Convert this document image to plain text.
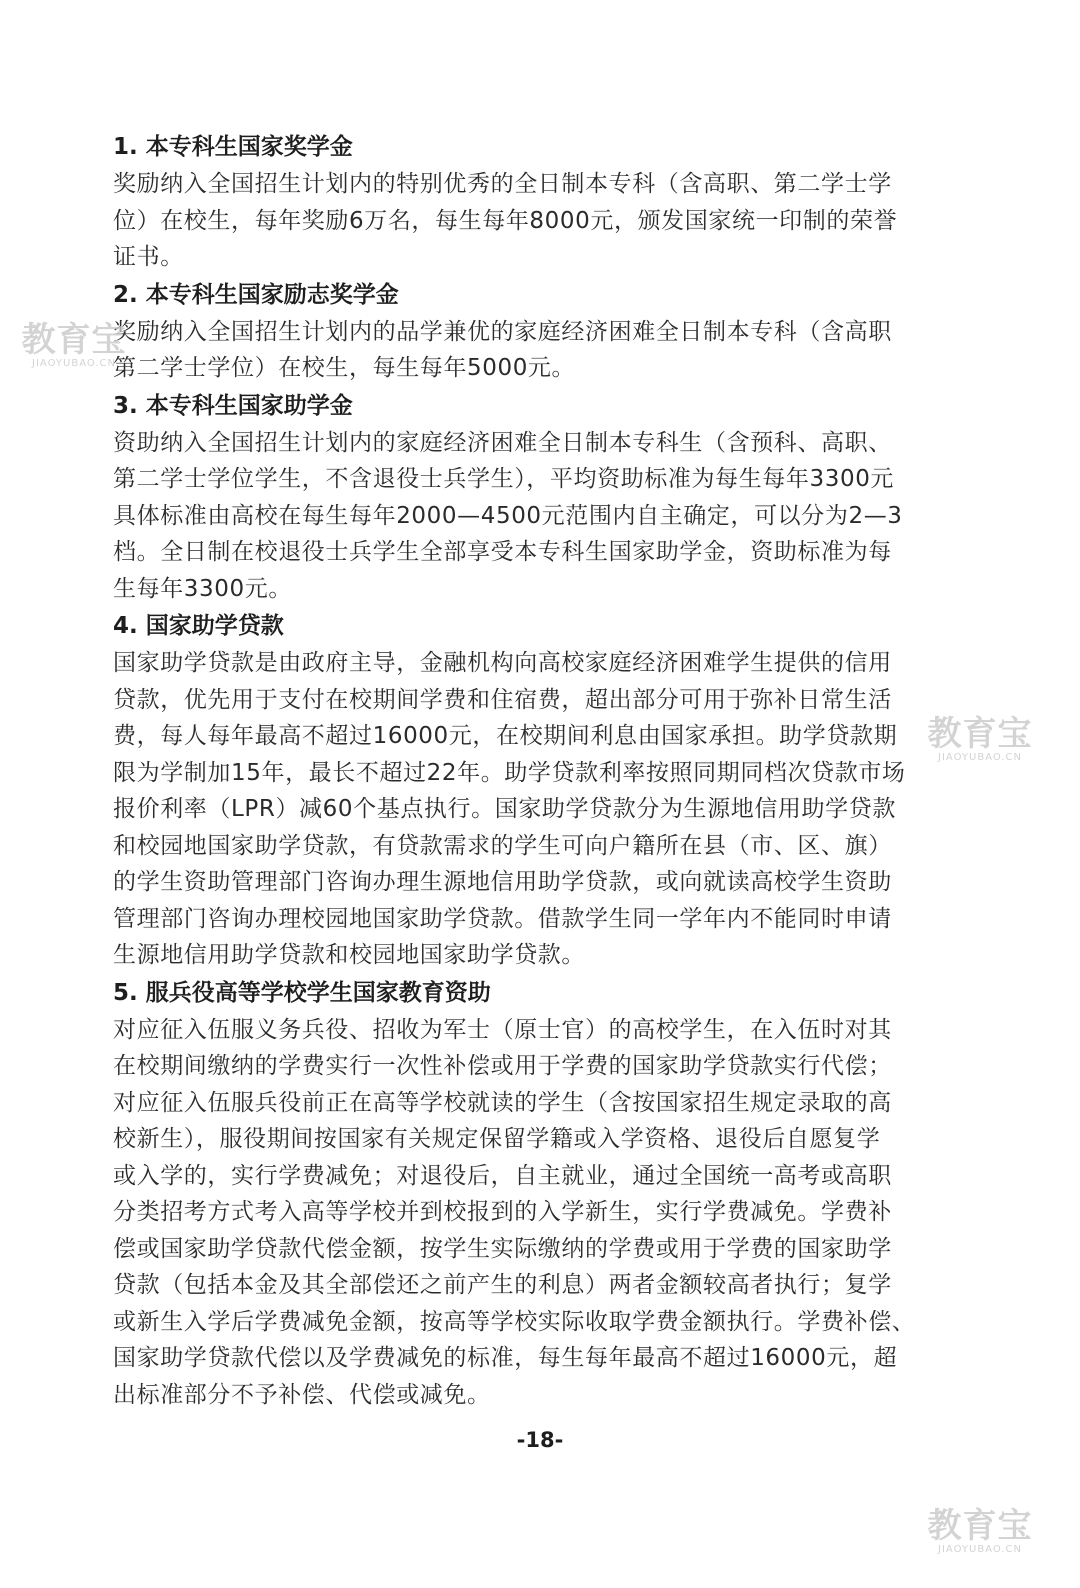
1. 本专科生国家奖学金

奖励纳入全国招生计划内的特别优秀的全日制本专科（含高职、第二学士学

位）在校生，每年奖励6万名，每生每年8000元，颁发国家统一印制的荣誉

证书。

2. 本专科生国家励志奖学金

奖励纳入全国招生计划内的品学兼优的家庭经济困难全日制本专科（含高职

第二学士学位）在校生，每生每年5000元。

3. 本专科生国家助学金

资助纳入全国招生计划内的家庭经济困难全日制本专科生（含预科、高职、

第二学士学位学生，不含退役士兵学生），平均资助标准为每生每年3300元

具体标准由高校在每生每年2000—4500元范围内自主确定，可以分为2—3

档。全日制在校退役士兵学生全部享受本专科生国家助学金，资助标准为每

生每年3300元。

4. 国家助学贷款

国家助学贷款是由政府主导，金融机构向高校家庭经济困难学生提供的信用

贷款，优先用于支付在校期间学费和住宿费，超出部分可用于弥补日常生活

费，每人每年最高不超过16000元，在校期间利息由国家承担。助学贷款期

限为学制加15年，最长不超过22年。助学贷款利率按照同期同档次贷款市场

报价利率（LPR）减60个基点执行。国家助学贷款分为生源地信用助学贷款

和校园地国家助学贷款，有贷款需求的学生可向户籍所在县（市、区、旗）

的学生资助管理部门咨询办理生源地信用助学贷款，或向就读高校学生资助

管理部门咨询办理校园地国家助学贷款。借款学生同一学年内不能同时申请

生源地信用助学贷款和校园地国家助学贷款。

5. 服兵役高等学校学生国家教育资助

对应征入伍服义务兵役、招收为军士（原士官）的高校学生，在入伍时对其

在校期间缴纳的学费实行一次性补偿或用于学费的国家助学贷款实行代偿；

对应征入伍服兵役前正在高等学校就读的学生（含按国家招生规定录取的高

校新生），服役期间按国家有关规定保留学籍或入学资格、退役后自愿复学

或入学的，实行学费减免；对退役后，自主就业，通过全国统一高考或高职

分类招考方式考入高等学校并到校报到的入学新生，实行学费减免。学费补

偿或国家助学贷款代偿金额，按学生实际缴纳的学费或用于学费的国家助学

贷款（包括本金及其全部偿还之前产生的利息）两者金额较高者执行；复学

或新生入学后学费减免金额，按高等学校实际收取学费金额执行。学费补偿、

国家助学贷款代偿以及学费减免的标准，每生每年最高不超过16000元，超

出标准部分不予补偿、代偿或减免。

-18-
教育宝
JIAOYUBAO.CN
教育宝
JIAOYUBAO.CN
教育宝
JIAOYUBAO.CN
